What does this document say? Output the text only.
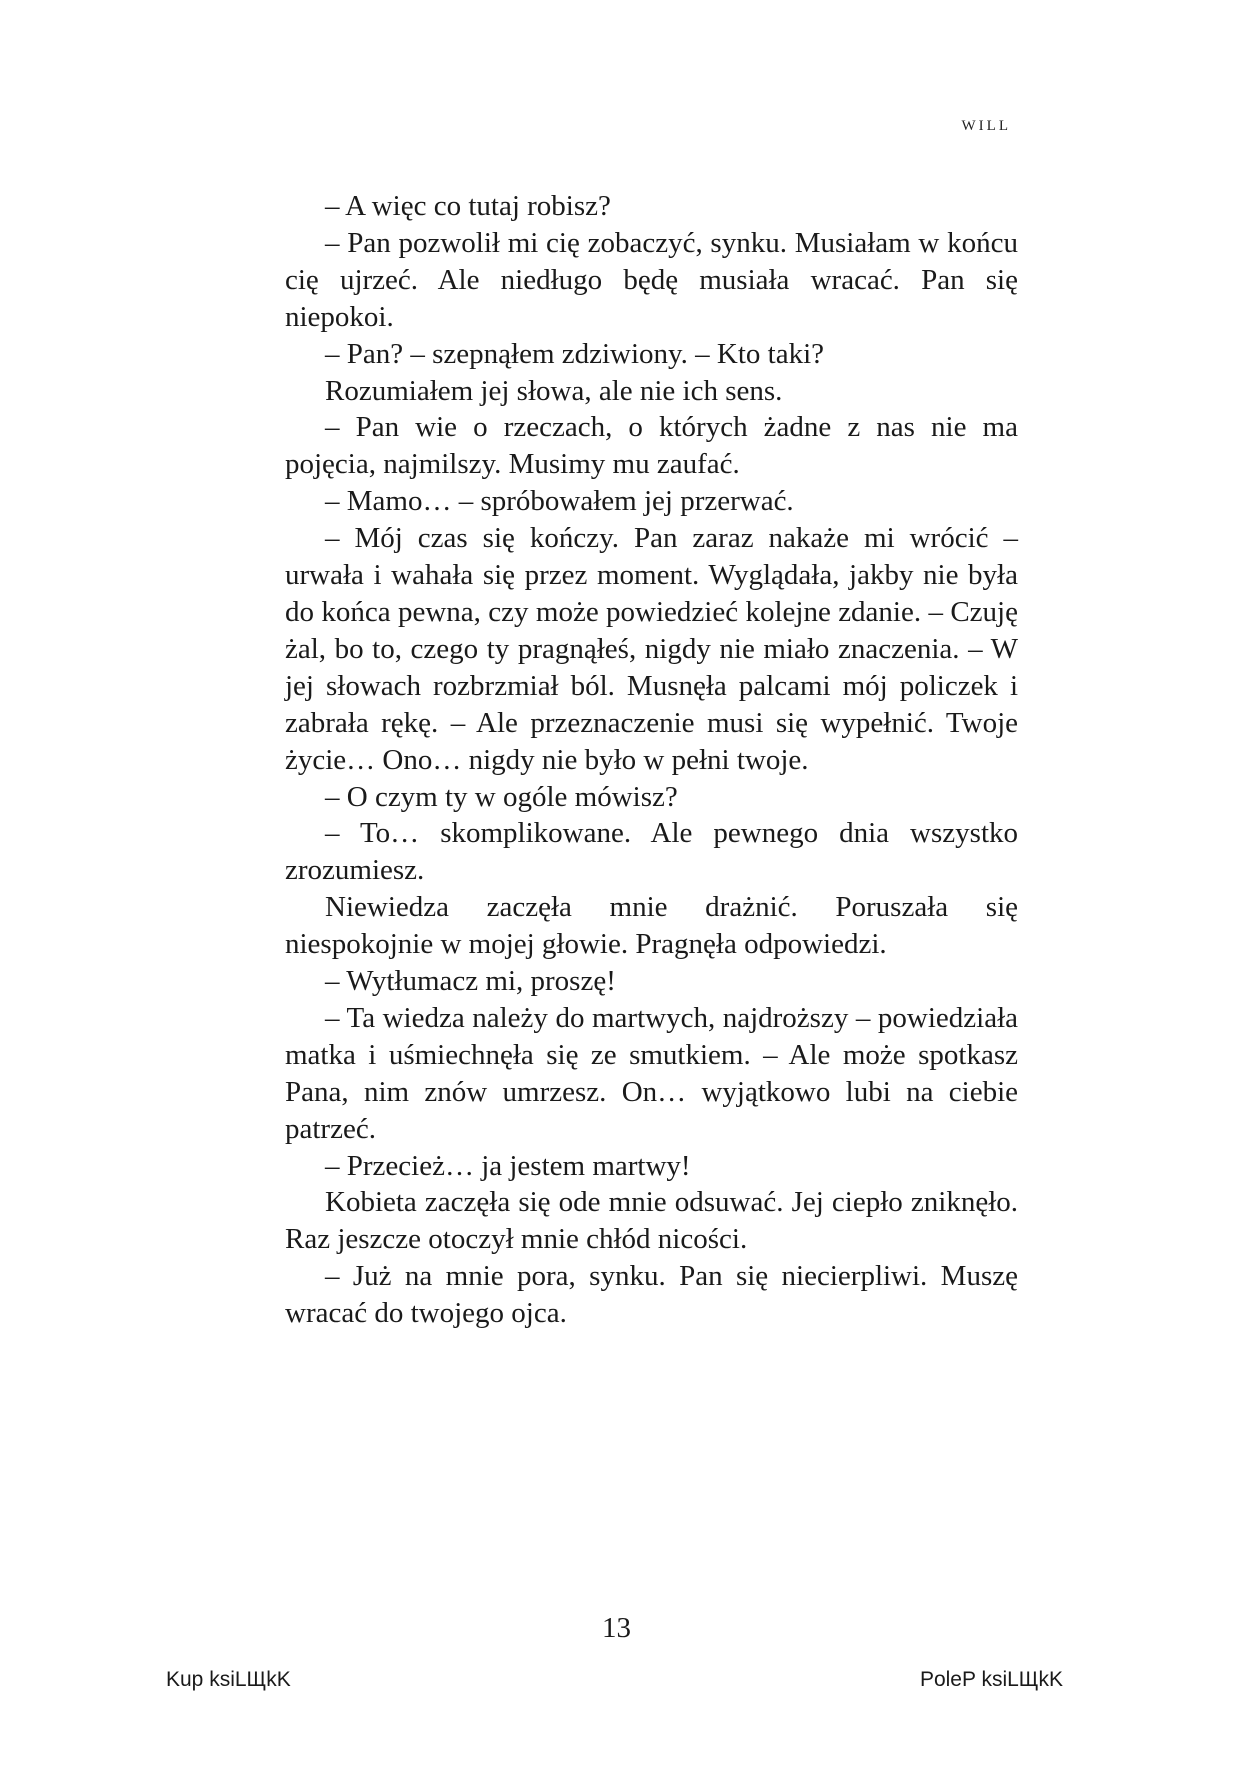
WILL

– A więc co tutaj robisz?

– Pan pozwolił mi cię zobaczyć, synku. Musiałam w końcu cię ujrzeć. Ale niedługo będę musiała wracać. Pan się niepokoi.

– Pan? – szepnąłem zdziwiony. – Kto taki?

Rozumiałem jej słowa, ale nie ich sens.

– Pan wie o rzeczach, o których żadne z nas nie ma pojęcia, najmilszy. Musimy mu zaufać.

– Mamo… – spróbowałem jej przerwać.

– Mój czas się kończy. Pan zaraz nakaże mi wrócić – urwała i wahała się przez moment. Wyglądała, jakby nie była do końca pewna, czy może powiedzieć kolejne zdanie. – Czuję żal, bo to, czego ty pragnąłeś, nigdy nie miało znaczenia. – W jej słowach rozbrzmiał ból. Musnęła palcami mój policzek i zabrała rękę. – Ale przeznaczenie musi się wypełnić. Twoje życie… Ono… nigdy nie było w pełni twoje.

– O czym ty w ogóle mówisz?

– To… skomplikowane. Ale pewnego dnia wszystko zrozumiesz.

Niewiedza zaczęła mnie drażnić. Poruszała się niespokojnie w mojej głowie. Pragnęła odpowiedzi.

– Wytłumacz mi, proszę!

– Ta wiedza należy do martwych, najdroższy – powiedziała matka i uśmiechnęła się ze smutkiem. – Ale może spotkasz Pana, nim znów umrzesz. On… wyjątkowo lubi na ciebie patrzeć.

– Przecież… ja jestem martwy!

Kobieta zaczęła się ode mnie odsuwać. Jej ciepło zniknęło. Raz jeszcze otoczył mnie chłód nicości.

– Już na mnie pora, synku. Pan się niecierpliwi. Muszę wracać do twojego ojca.

13
Kup ksiLЩkK	PoleP ksiLЩkK
